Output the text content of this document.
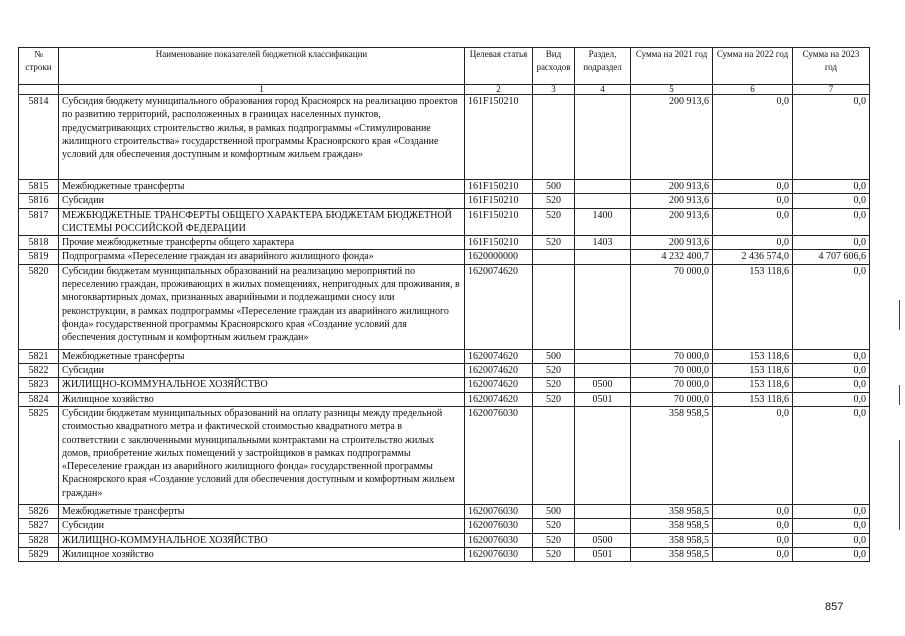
№ строки	Наименование показателей бюджетной классификации	Целевая статья	Вид расходов	Раздел, подраздел	Сумма на 2021 год	Сумма на 2022 год	Сумма на 2023 год
	1	2	3	4	5	6	7
5814	Субсидия бюджету муниципального образования город Красноярск на реализацию проектов по развитию территорий, расположенных в границах населенных пунктов, предусматривающих строительство жилья, в рамках подпрограммы «Стимулирование жилищного строительства» государственной программы Красноярского края «Создание условий для обеспечения доступным и комфортным жильем граждан»	161F150210			200 913,6	0,0	0,0
5815	Межбюджетные трансферты	161F150210	500		200 913,6	0,0	0,0
5816	Субсидии	161F150210	520		200 913,6	0,0	0,0
5817	МЕЖБЮДЖЕТНЫЕ ТРАНСФЕРТЫ ОБЩЕГО ХАРАКТЕРА БЮДЖЕТАМ БЮДЖЕТНОЙ СИСТЕМЫ РОССИЙСКОЙ ФЕДЕРАЦИИ	161F150210	520	1400	200 913,6	0,0	0,0
5818	Прочие межбюджетные трансферты общего характера	161F150210	520	1403	200 913,6	0,0	0,0
5819	Подпрограмма «Переселение граждан из аварийного жилищного фонда»	1620000000			4 232 400,7	2 436 574,0	4 707 606,6
5820	Субсидии бюджетам муниципальных образований на реализацию мероприятий по переселению граждан, проживающих в жилых помещениях, непригодных для проживания, в многоквартирных домах, признанных аварийными и подлежащими сносу или реконструкции, в рамках подпрограммы «Переселение граждан из аварийного жилищного фонда» государственной программы Красноярского края «Создание условий для обеспечения доступным и комфортным жильем граждан»	1620074620			70 000,0	153 118,6	0,0
5821	Межбюджетные трансферты	1620074620	500		70 000,0	153 118,6	0,0
5822	Субсидии	1620074620	520		70 000,0	153 118,6	0,0
5823	ЖИЛИЩНО-КОММУНАЛЬНОЕ ХОЗЯЙСТВО	1620074620	520	0500	70 000,0	153 118,6	0,0
5824	Жилищное хозяйство	1620074620	520	0501	70 000,0	153 118,6	0,0
5825	Субсидии бюджетам муниципальных образований на оплату разницы между предельной стоимостью квадратного метра и фактической стоимостью квадратного метра в соответствии с заключенными муниципальными контрактами на строительство жилых домов, приобретение жилых помещений у застройщиков в рамках подпрограммы «Переселение граждан из аварийного жилищного фонда» государственной программы Красноярского края «Создание условий для обеспечения доступным и комфортным жильем граждан»	1620076030			358 958,5	0,0	0,0
5826	Межбюджетные трансферты	1620076030	500		358 958,5	0,0	0,0
5827	Субсидии	1620076030	520		358 958,5	0,0	0,0
5828	ЖИЛИЩНО-КОММУНАЛЬНОЕ ХОЗЯЙСТВО	1620076030	520	0500	358 958,5	0,0	0,0
5829	Жилищное хозяйство	1620076030	520	0501	358 958,5	0,0	0,0
857
